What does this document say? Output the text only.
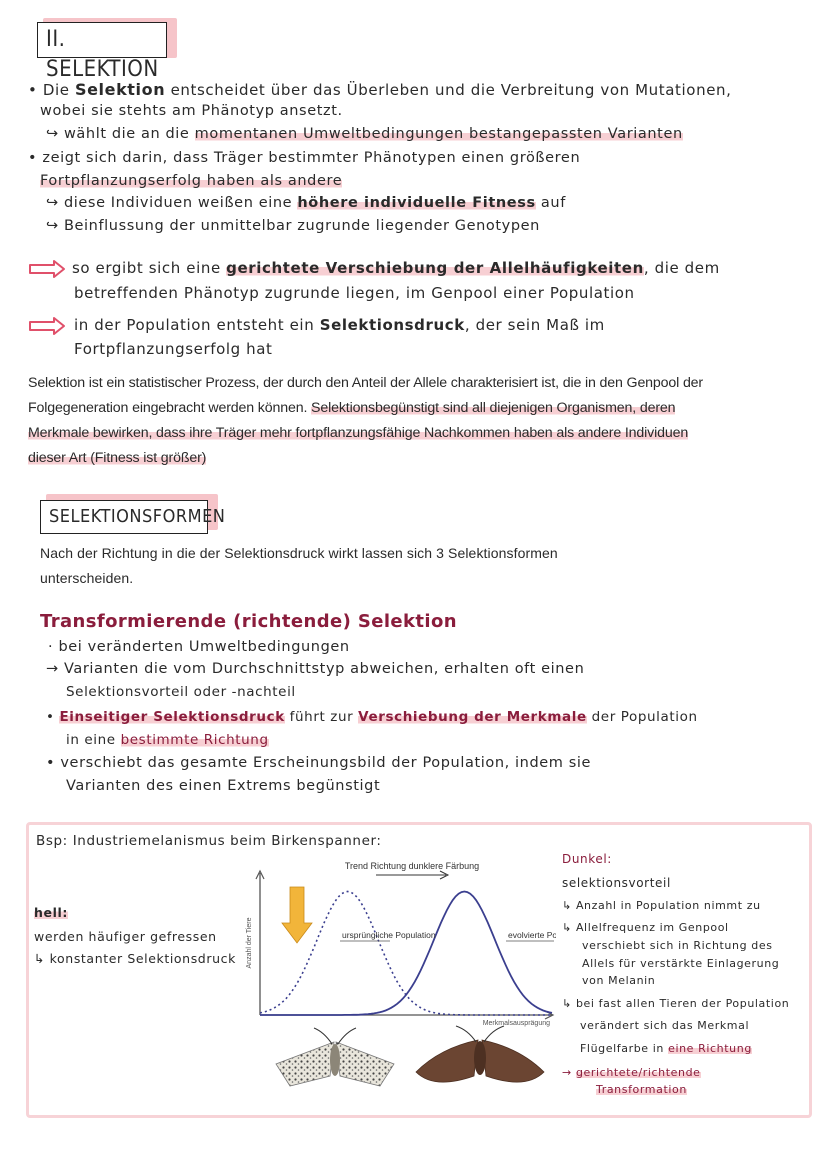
II. SELEKTION
• Die Selektion entscheidet über das Überleben und die Verbreitung von Mutationen,
wobei sie stehts am Phänotyp ansetzt.
↪ wählt die an die momentanen Umweltbedingungen bestangepassten Varianten
• zeigt sich darin, dass Träger bestimmter Phänotypen einen größeren
Fortpflanzungserfolg haben als andere
↪ diese Individuen weißen eine höhere individuelle Fitness auf
↪ Beinflussung der unmittelbar zugrunde liegender Genotypen
so ergibt sich eine gerichtete Verschiebung der Allelhäufigkeiten, die dem
betreffenden Phänotyp zugrunde liegen, im Genpool einer Population
in der Population entsteht ein Selektionsdruck, der sein Maß im
Fortpflanzungserfolg hat
Selektion ist ein statistischer Prozess, der durch den Anteil der Allele charakterisiert ist, die in den Genpool der
Folgegeneration eingebracht werden können. Selektionsbegünstigt sind all diejenigen Organismen, deren
Merkmale bewirken, dass ihre Träger mehr fortpflanzungsfähige Nachkommen haben als andere Individuen
dieser Art (Fitness ist größer)
SELEKTIONSFORMEN
Nach der Richtung in die der Selektionsdruck wirkt lassen sich 3 Selektionsformen
unterscheiden.
Transformierende (richtende) Selektion
· bei veränderten Umweltbedingungen
→ Varianten die vom Durchschnittstyp abweichen, erhalten oft einen
Selektionsvorteil oder -nachteil
• Einseitiger Selektionsdruck führt zur Verschiebung der Merkmale der Population
in eine bestimmte Richtung
• verschiebt das gesamte Erscheinungsbild der Population, indem sie
Varianten des einen Extrems begünstigt
Bsp: Industriemelanismus beim Birkenspanner:
hell:
werden häufiger gefressen
↳ konstanter Selektionsdruck Anzahl der Tiere
Merkmalsausprägung
Trend Richtung dunklere Färbung
ursprüngliche Population	evolvierte Po
Dunkel:
selektionsvorteil
↳ Anzahl in Population nimmt zu
↳ Allelfrequenz im Genpool
verschiebt sich in Richtung des
Allels für verstärkte Einlagerung
von Melanin
↳ bei fast allen Tieren der Population
verändert sich das Merkmal
Flügelfarbe in eine Richtung
→ gerichtete/richtende
Transformation
